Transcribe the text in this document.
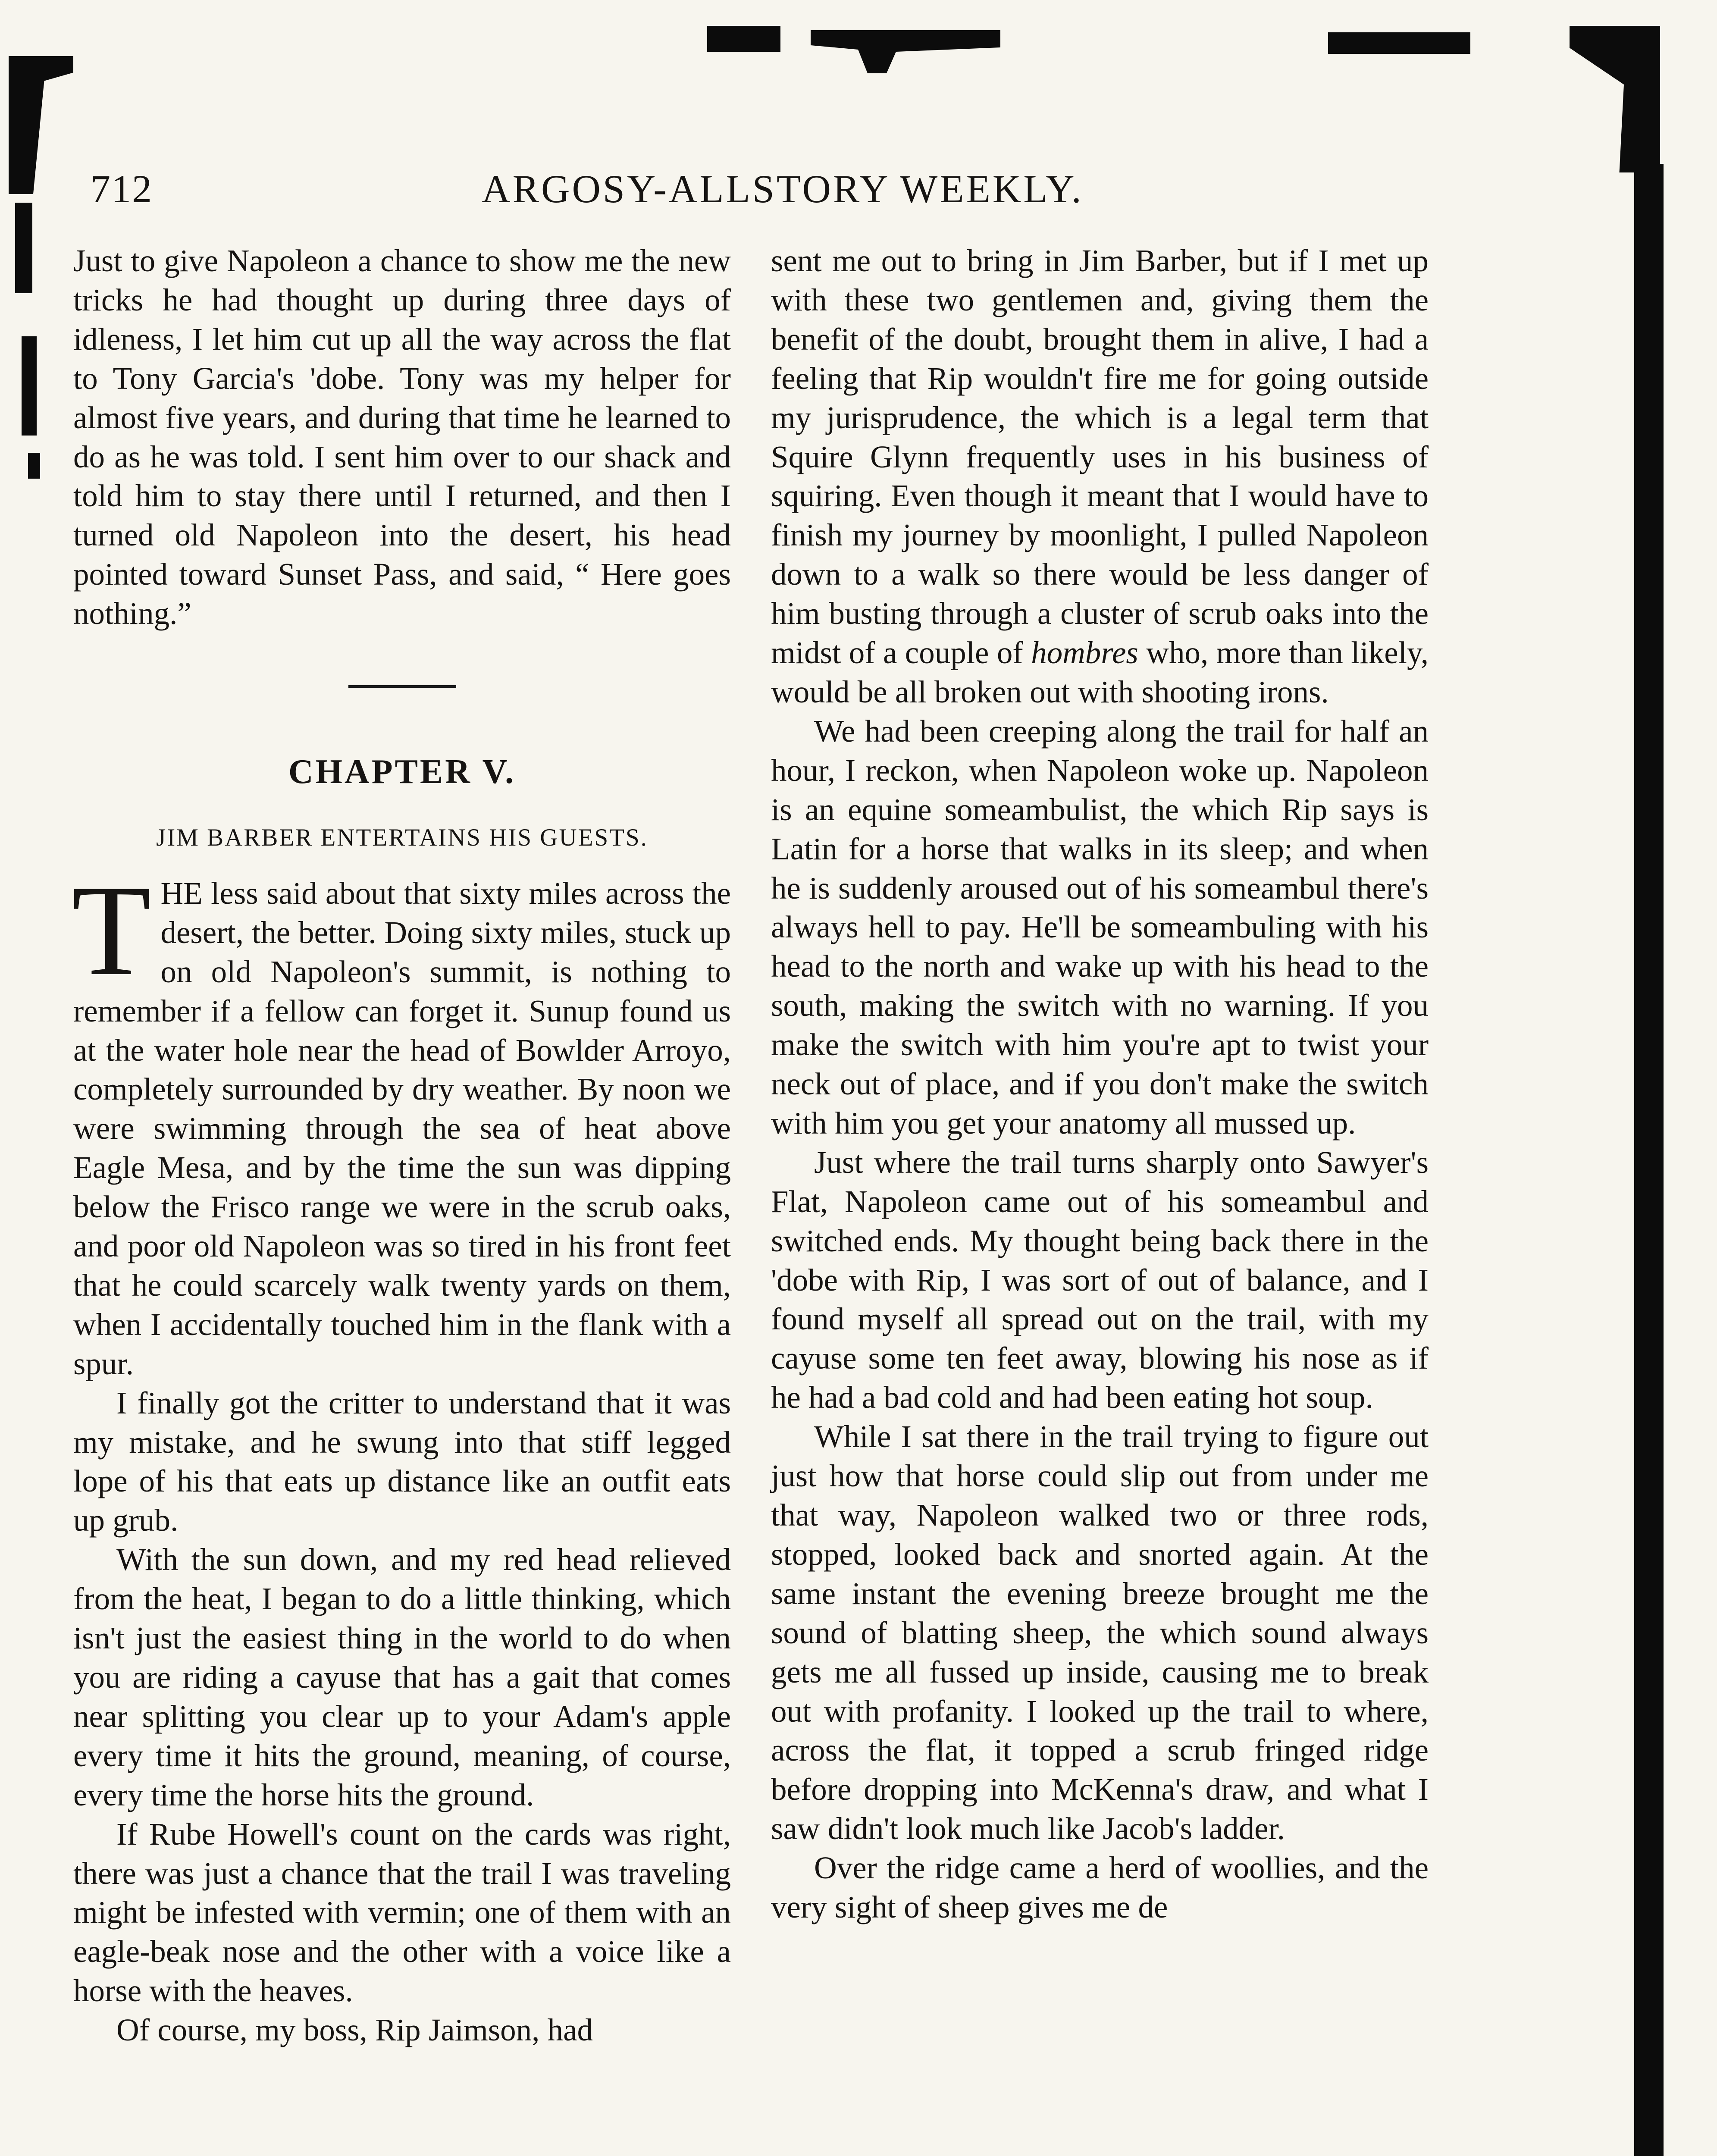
712	ARGOSY-ALLSTORY WEEKLY.

Just to give Napoleon a chance to show me the new tricks he had thought up during three days of idleness, I let him cut up all the way across the flat to Tony Garcia's 'dobe. Tony was my helper for almost five years, and during that time he learned to do as he was told. I sent him over to our shack and told him to stay there until I returned, and then I turned old Napoleon into the desert, his head pointed toward Sunset Pass, and said, “ Here goes nothing.”

CHAPTER V.
JIM BARBER ENTERTAINS HIS GUESTS.

THE less said about that sixty miles across the desert, the better. Doing sixty miles, stuck up on old Napoleon's summit, is nothing to remember if a fellow can forget it. Sunup found us at the water hole near the head of Bowlder Arroyo, completely surrounded by dry weather. By noon we were swimming through the sea of heat above Eagle Mesa, and by the time the sun was dipping below the Frisco range we were in the scrub oaks, and poor old Napoleon was so tired in his front feet that he could scarcely walk twenty yards on them, when I accidentally touched him in the flank with a spur.

I finally got the critter to understand that it was my mistake, and he swung into that stiff legged lope of his that eats up distance like an outfit eats up grub.

With the sun down, and my red head relieved from the heat, I began to do a little thinking, which isn't just the easiest thing in the world to do when you are riding a cayuse that has a gait that comes near splitting you clear up to your Adam's apple every time it hits the ground, meaning, of course, every time the horse hits the ground.

If Rube Howell's count on the cards was right, there was just a chance that the trail I was traveling might be infested with vermin; one of them with an eagle-beak nose and the other with a voice like a horse with the heaves.

Of course, my boss, Rip Jaimson, had

sent me out to bring in Jim Barber, but if I met up with these two gentlemen and, giving them the benefit of the doubt, brought them in alive, I had a feeling that Rip wouldn't fire me for going outside my jurisprudence, the which is a legal term that Squire Glynn frequently uses in his business of squiring. Even though it meant that I would have to finish my journey by moonlight, I pulled Napoleon down to a walk so there would be less danger of him busting through a cluster of scrub oaks into the midst of a couple of hombres who, more than likely, would be all broken out with shooting irons.

We had been creeping along the trail for half an hour, I reckon, when Napoleon woke up. Napoleon is an equine someambulist, the which Rip says is Latin for a horse that walks in its sleep; and when he is suddenly aroused out of his someambul there's always hell to pay. He'll be someambuling with his head to the north and wake up with his head to the south, making the switch with no warning. If you make the switch with him you're apt to twist your neck out of place, and if you don't make the switch with him you get your anatomy all mussed up.

Just where the trail turns sharply onto Sawyer's Flat, Napoleon came out of his someambul and switched ends. My thought being back there in the 'dobe with Rip, I was sort of out of balance, and I found myself all spread out on the trail, with my cayuse some ten feet away, blowing his nose as if he had a bad cold and had been eating hot soup.

While I sat there in the trail trying to figure out just how that horse could slip out from under me that way, Napoleon walked two or three rods, stopped, looked back and snorted again. At the same instant the evening breeze brought me the sound of blatting sheep, the which sound always gets me all fussed up inside, causing me to break out with profanity. I looked up the trail to where, across the flat, it topped a scrub fringed ridge before dropping into McKenna's draw, and what I saw didn't look much like Jacob's ladder.

Over the ridge came a herd of woollies, and the very sight of sheep gives me de
